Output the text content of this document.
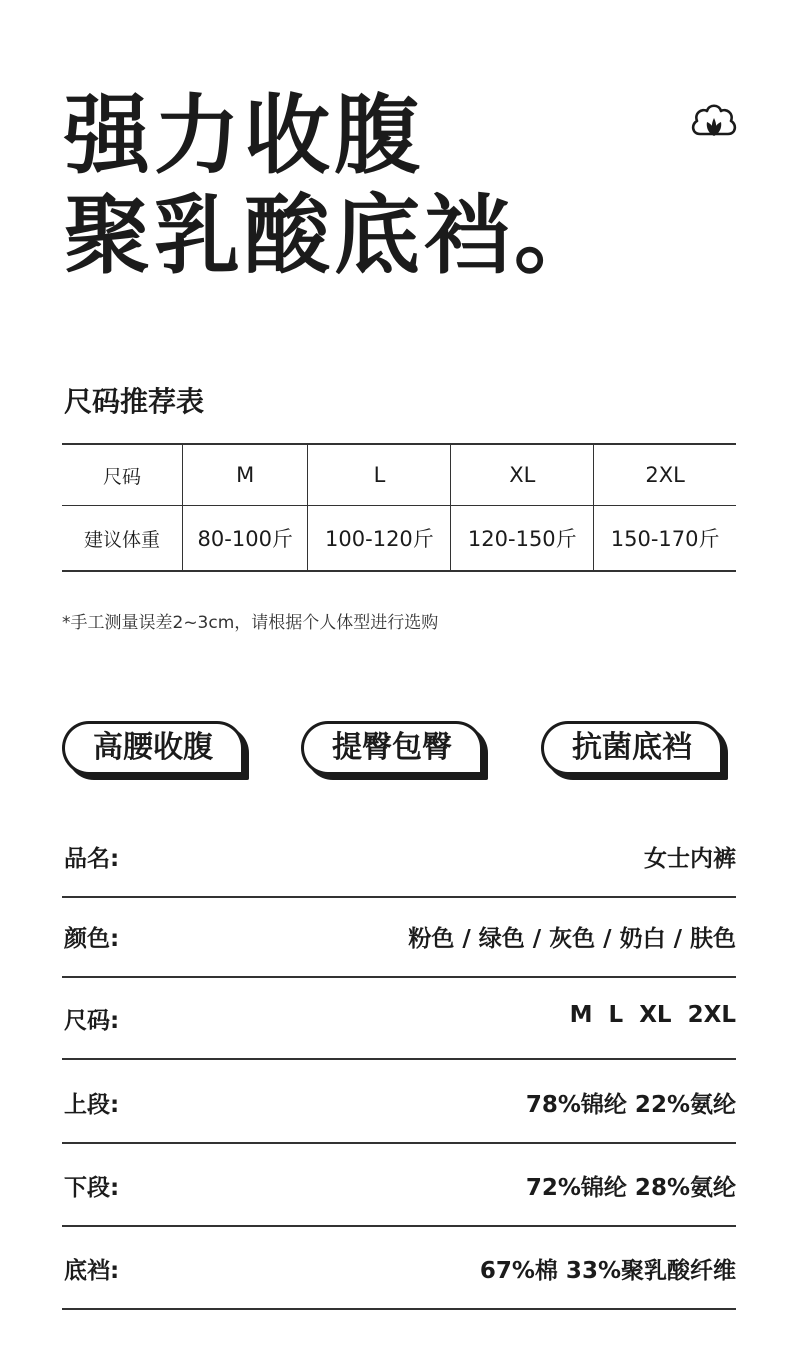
强力收腹
聚乳酸底裆。
尺码推荐表
尺码	M	L	XL	2XL
建议体重	80-100斤	100-120斤	120-150斤	150-170斤
*手工测量误差2~3cm，请根据个人体型进行选购
高腰收腹	提臀包臀	抗菌底裆
品名:	女士内裤
颜色:	粉色 / 绿色 / 灰色 / 奶白 / 肤色
尺码:	M  L  XL  2XL
上段:	78%锦纶 22%氨纶
下段:	72%锦纶 28%氨纶
底裆:	67%棉 33%聚乳酸纤维
